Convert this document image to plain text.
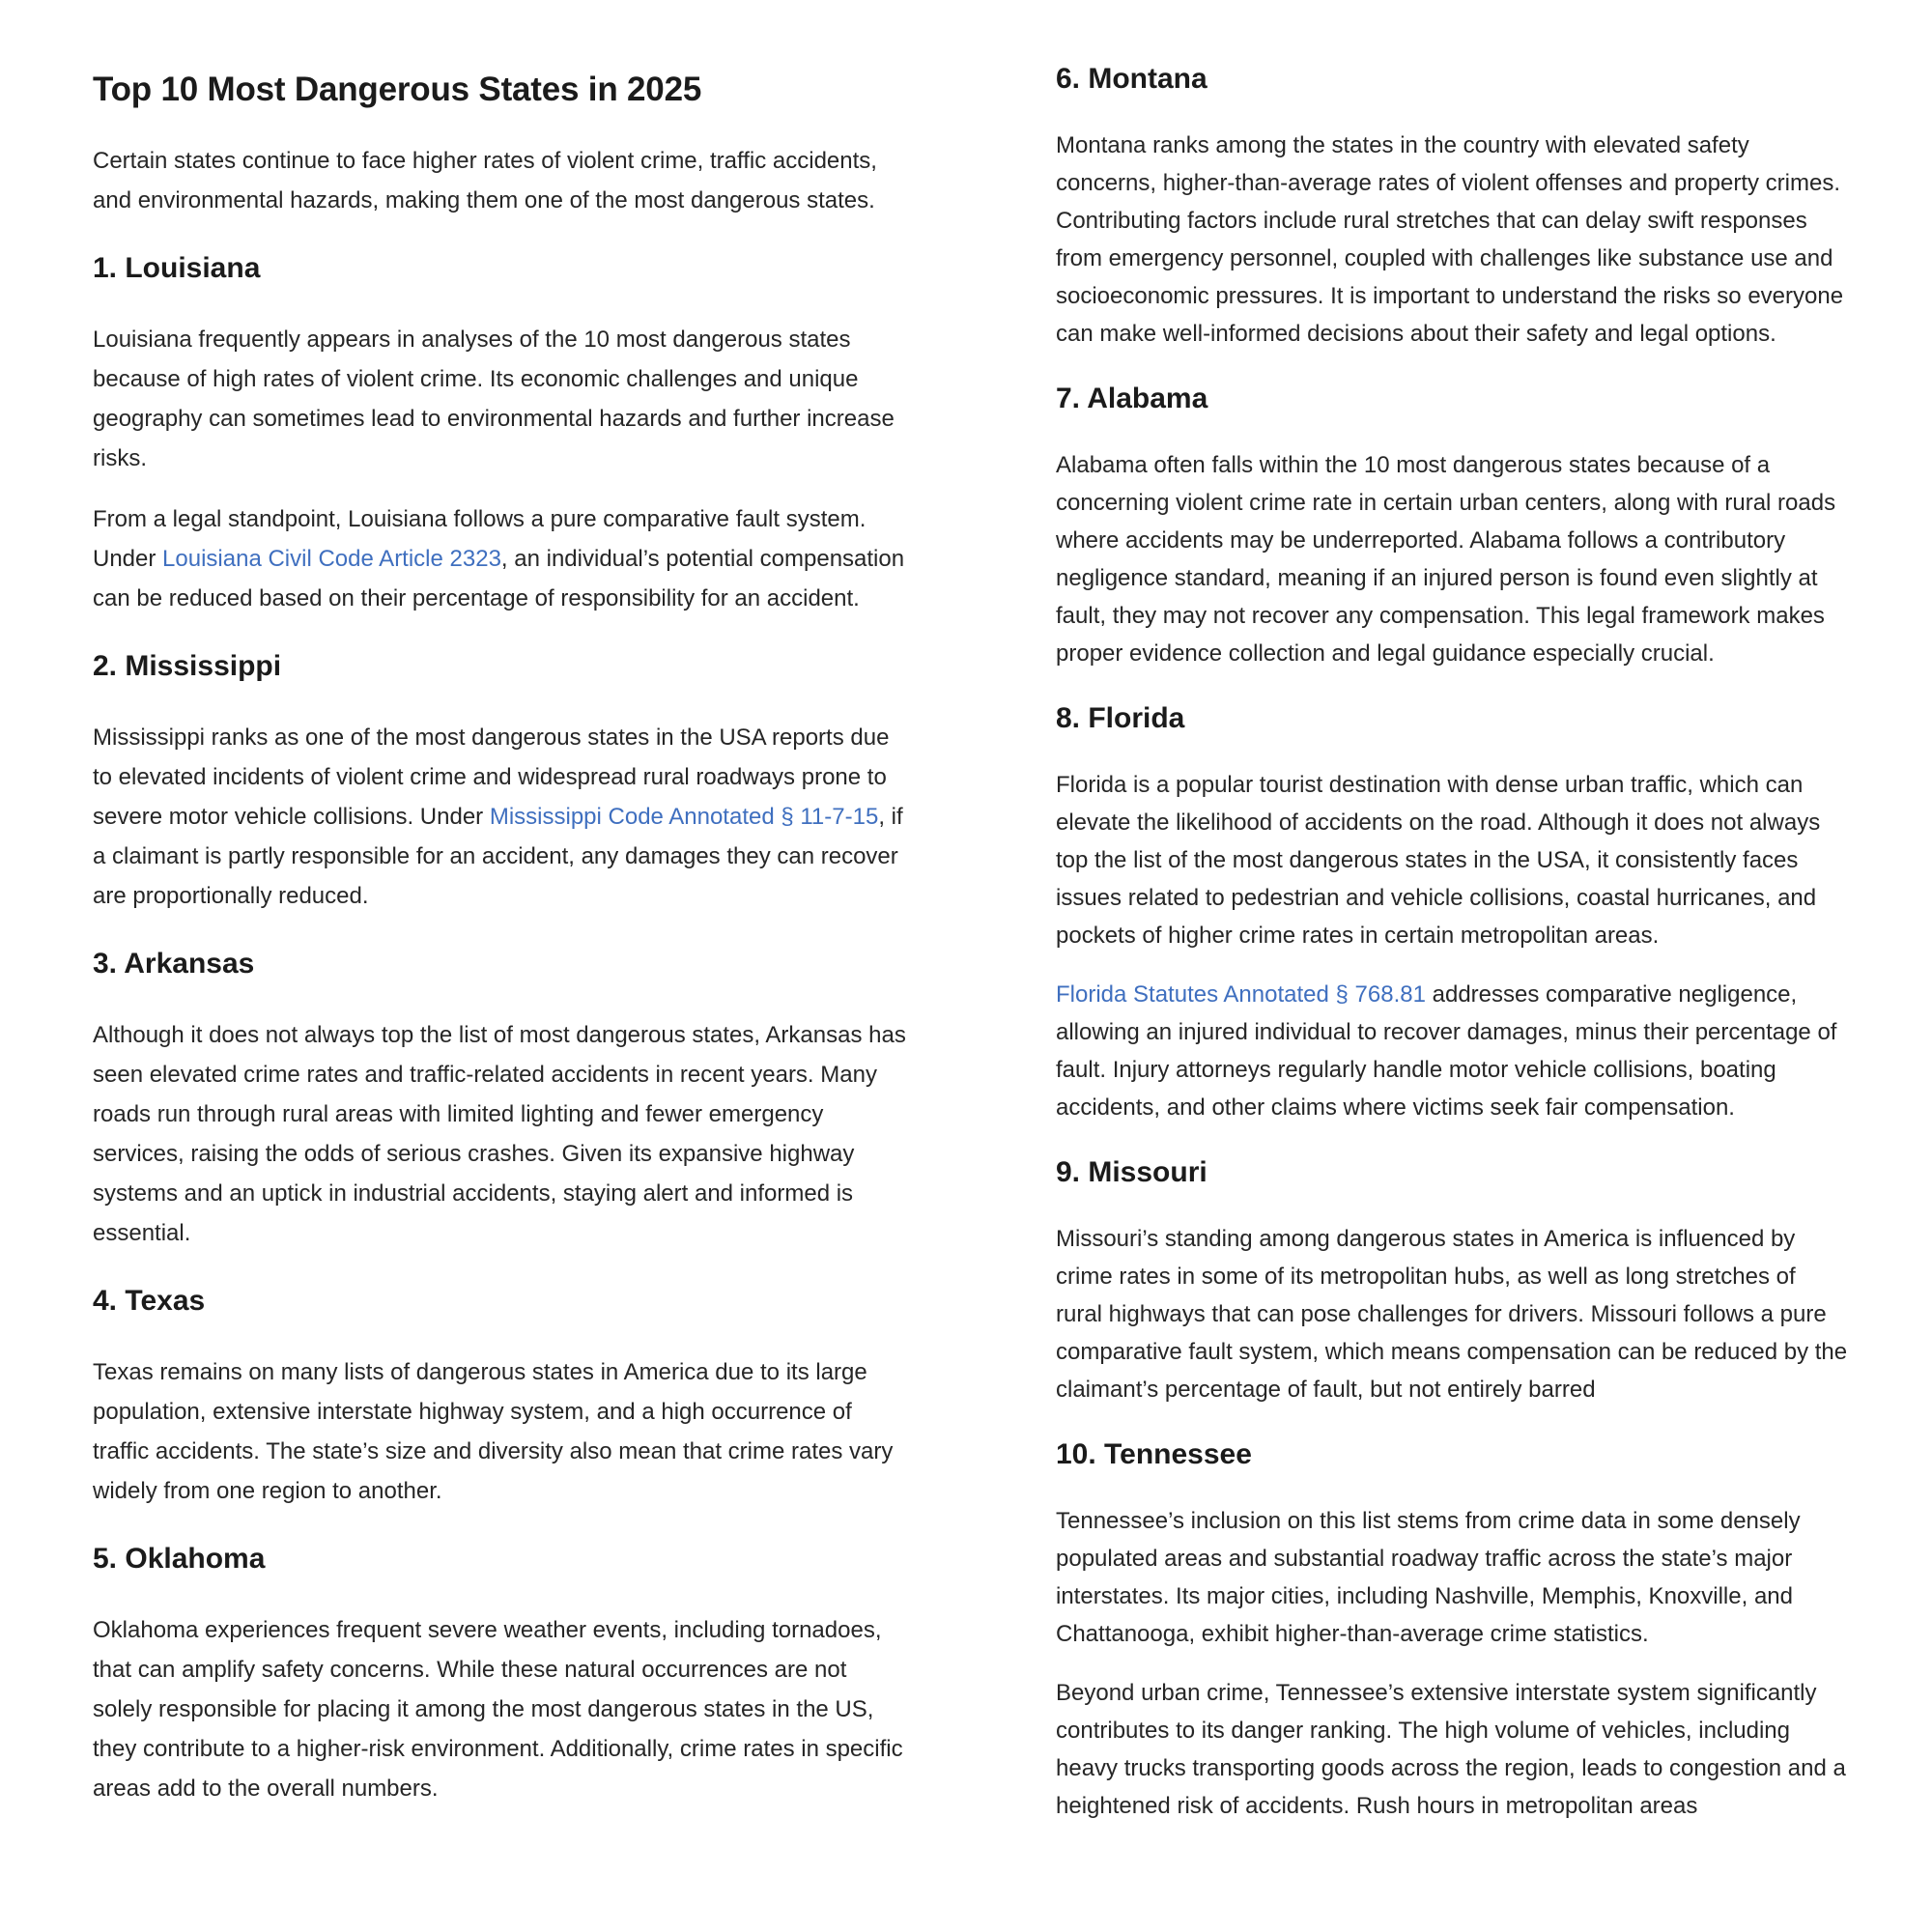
Top 10 Most Dangerous States in 2025

Certain states continue to face higher rates of violent crime, traffic accidents, and environmental hazards, making them one of the most dangerous states.

1. Louisiana

Louisiana frequently appears in analyses of the 10 most dangerous states because of high rates of violent crime. Its economic challenges and unique geography can sometimes lead to environmental hazards and further increase risks.

From a legal standpoint, Louisiana follows a pure comparative fault system. Under Louisiana Civil Code Article 2323, an individual’s potential compensation can be reduced based on their percentage of responsibility for an accident.

2. Mississippi

Mississippi ranks as one of the most dangerous states in the USA reports due to elevated incidents of violent crime and widespread rural roadways prone to severe motor vehicle collisions. Under Mississippi Code Annotated § 11-7-15, if a claimant is partly responsible for an accident, any damages they can recover are proportionally reduced.

3. Arkansas

Although it does not always top the list of most dangerous states, Arkansas has seen elevated crime rates and traffic-related accidents in recent years. Many roads run through rural areas with limited lighting and fewer emergency services, raising the odds of serious crashes. Given its expansive highway systems and an uptick in industrial accidents, staying alert and informed is essential.

4. Texas

Texas remains on many lists of dangerous states in America due to its large population, extensive interstate highway system, and a high occurrence of traffic accidents. The state’s size and diversity also mean that crime rates vary widely from one region to another.

5. Oklahoma

Oklahoma experiences frequent severe weather events, including tornadoes, that can amplify safety concerns. While these natural occurrences are not solely responsible for placing it among the most dangerous states in the US, they contribute to a higher-risk environment. Additionally, crime rates in specific areas add to the overall numbers.

6. Montana

Montana ranks among the states in the country with elevated safety concerns, higher-than-average rates of violent offenses and property crimes. Contributing factors include rural stretches that can delay swift responses from emergency personnel, coupled with challenges like substance use and socioeconomic pressures. It is important to understand the risks so everyone can make well-informed decisions about their safety and legal options.

7. Alabama

Alabama often falls within the 10 most dangerous states because of a concerning violent crime rate in certain urban centers, along with rural roads where accidents may be underreported. Alabama follows a contributory negligence standard, meaning if an injured person is found even slightly at fault, they may not recover any compensation. This legal framework makes proper evidence collection and legal guidance especially crucial.

8. Florida

Florida is a popular tourist destination with dense urban traffic, which can elevate the likelihood of accidents on the road. Although it does not always top the list of the most dangerous states in the USA, it consistently faces issues related to pedestrian and vehicle collisions, coastal hurricanes, and pockets of higher crime rates in certain metropolitan areas.

Florida Statutes Annotated § 768.81 addresses comparative negligence, allowing an injured individual to recover damages, minus their percentage of fault. Injury attorneys regularly handle motor vehicle collisions, boating accidents, and other claims where victims seek fair compensation.

9. Missouri

Missouri’s standing among dangerous states in America is influenced by crime rates in some of its metropolitan hubs, as well as long stretches of rural highways that can pose challenges for drivers. Missouri follows a pure comparative fault system, which means compensation can be reduced by the claimant’s percentage of fault, but not entirely barred

10. Tennessee

Tennessee’s inclusion on this list stems from crime data in some densely populated areas and substantial roadway traffic across the state’s major interstates. Its major cities, including Nashville, Memphis, Knoxville, and Chattanooga, exhibit higher-than-average crime statistics.

Beyond urban crime, Tennessee’s extensive interstate system significantly contributes to its danger ranking. The high volume of vehicles, including heavy trucks transporting goods across the region, leads to congestion and a heightened risk of accidents. Rush hours in metropolitan areas
